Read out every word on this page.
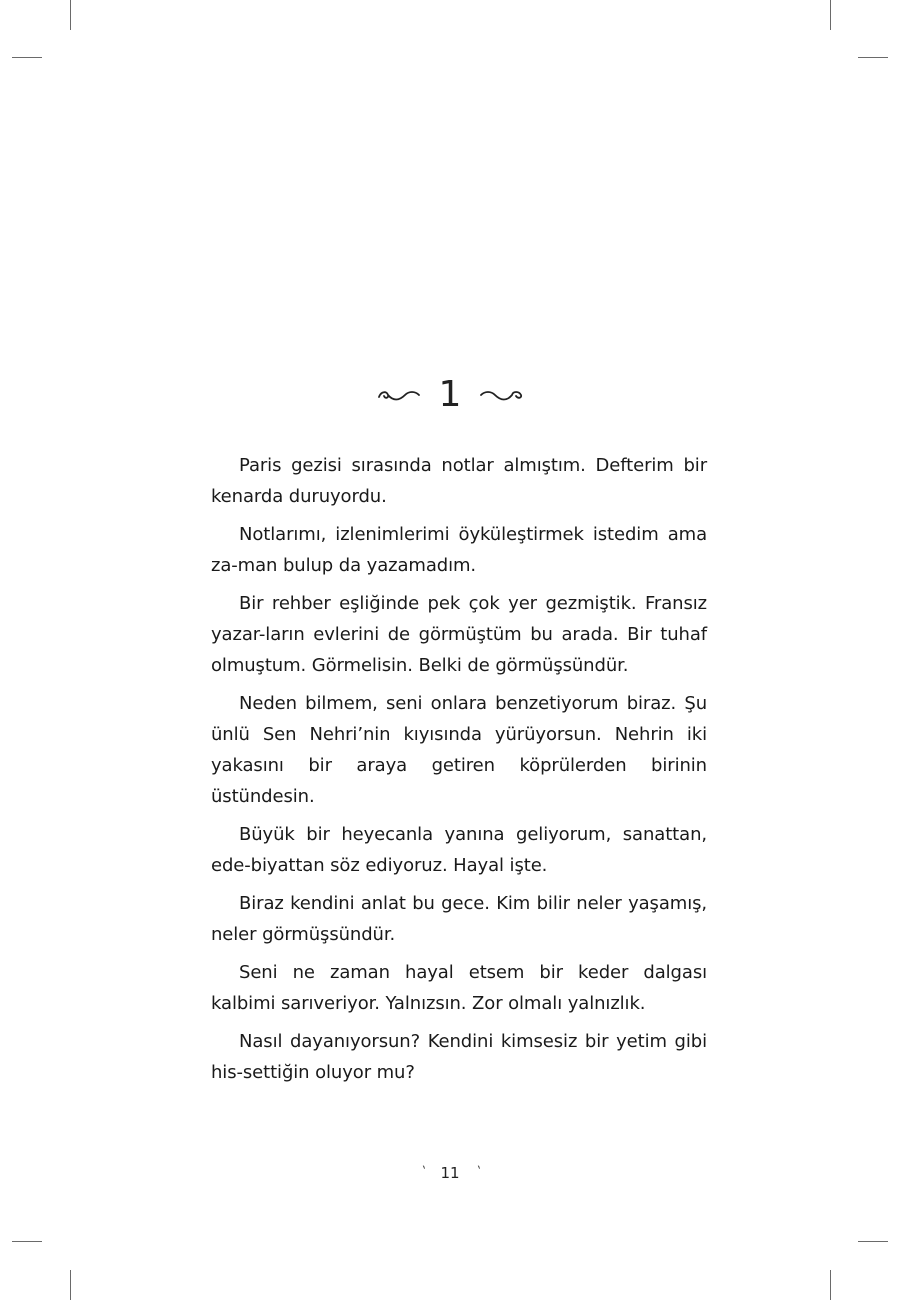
1

Paris gezisi sırasında notlar almıştım. Defterim bir kenarda duruyordu.

Notlarımı, izlenimlerimi öyküleştirmek istedim ama za-man bulup da yazamadım.

Bir rehber eşliğinde pek çok yer gezmiştik. Fransız yazar-ların evlerini de görmüştüm bu arada. Bir tuhaf olmuştum. Görmelisin. Belki de görmüşsündür.

Neden bilmem, seni onlara benzetiyorum biraz. Şu ünlü Sen Nehri’nin kıyısında yürüyorsun. Nehrin iki yakasını bir araya getiren köprülerden birinin üstündesin.

Büyük bir heyecanla yanına geliyorum, sanattan, ede-biyattan söz ediyoruz. Hayal işte.

Biraz kendini anlat bu gece. Kim bilir neler yaşamış, neler görmüşsündür.

Seni ne zaman hayal etsem bir keder dalgası kalbimi sarıveriyor. Yalnızsın. Zor olmalı yalnızlık.

Nasıl dayanıyorsun? Kendini kimsesiz bir yetim gibi his-settiğin oluyor mu?

` 11 `
